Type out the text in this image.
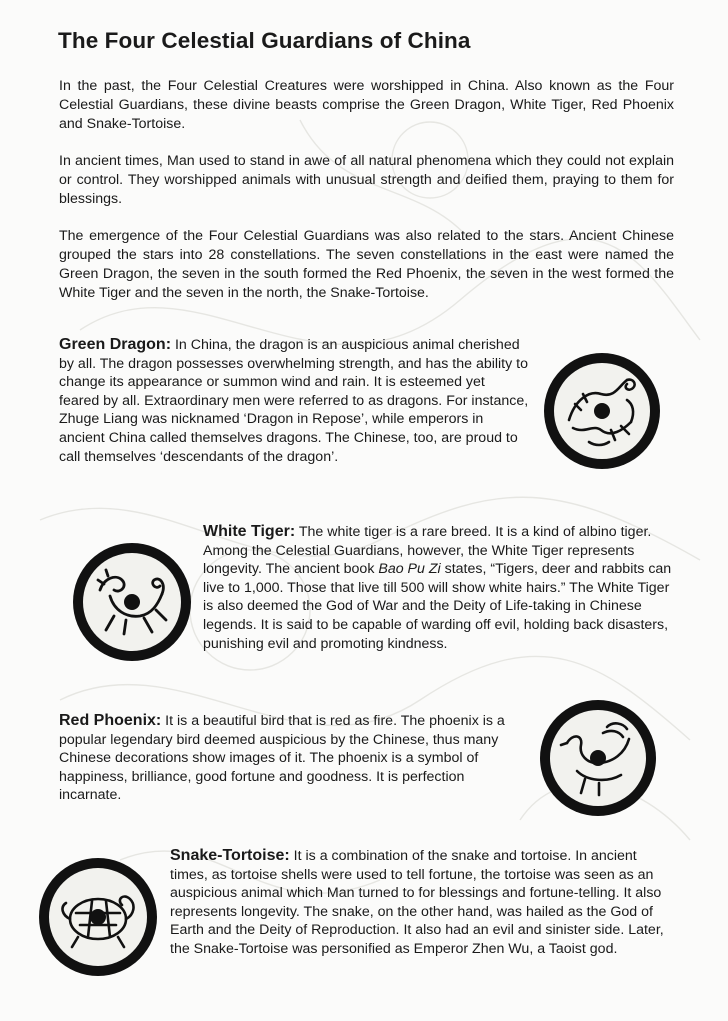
The Four Celestial Guardians of China

In the past, the Four Celestial Creatures were worshipped in China. Also known as the Four Celestial Guardians, these divine beasts comprise the Green Dragon, White Tiger, Red Phoenix and Snake-Tortoise.

In ancient times, Man used to stand in awe of all natural phenomena which they could not explain or control. They worshipped animals with unusual strength and deified them, praying to them for blessings.

The emergence of the Four Celestial Guardians was also related to the stars. Ancient Chinese grouped the stars into 28 constellations. The seven constellations in the east were named the Green Dragon, the seven in the south formed the Red Phoenix, the seven in the west formed the White Tiger and the seven in the north, the Snake-Tortoise.

Green Dragon: In China, the dragon is an auspicious animal cherished by all. The dragon possesses overwhelming strength, and has the ability to change its appearance or summon wind and rain. It is esteemed yet feared by all. Extraordinary men were referred to as dragons. For instance, Zhuge Liang was nicknamed ‘Dragon in Repose’, while emperors in ancient China called themselves dragons. The Chinese, too, are proud to call themselves ‘descendants of the dragon’.

White Tiger: The white tiger is a rare breed. It is a kind of albino tiger. Among the Celestial Guardians, however, the White Tiger represents longevity. The ancient book Bao Pu Zi states, “Tigers, deer and rabbits can live to 1,000. Those that live till 500 will show white hairs.” The White Tiger is also deemed the God of War and the Deity of Life-taking in Chinese legends. It is said to be capable of warding off evil, holding back disasters, punishing evil and promoting kindness.

Red Phoenix: It is a beautiful bird that is red as fire. The phoenix is a popular legendary bird deemed auspicious by the Chinese, thus many Chinese decorations show images of it. The phoenix is a symbol of happiness, brilliance, good fortune and goodness. It is perfection incarnate.

Snake-Tortoise: It is a combination of the snake and tortoise. In ancient times, as tortoise shells were used to tell fortune, the tortoise was seen as an auspicious animal which Man turned to for blessings and fortune-telling. It also represents longevity. The snake, on the other hand, was hailed as the God of Earth and the Deity of Reproduction. It also had an evil and sinister side. Later, the Snake-Tortoise was personified as Emperor Zhen Wu, a Taoist god.
